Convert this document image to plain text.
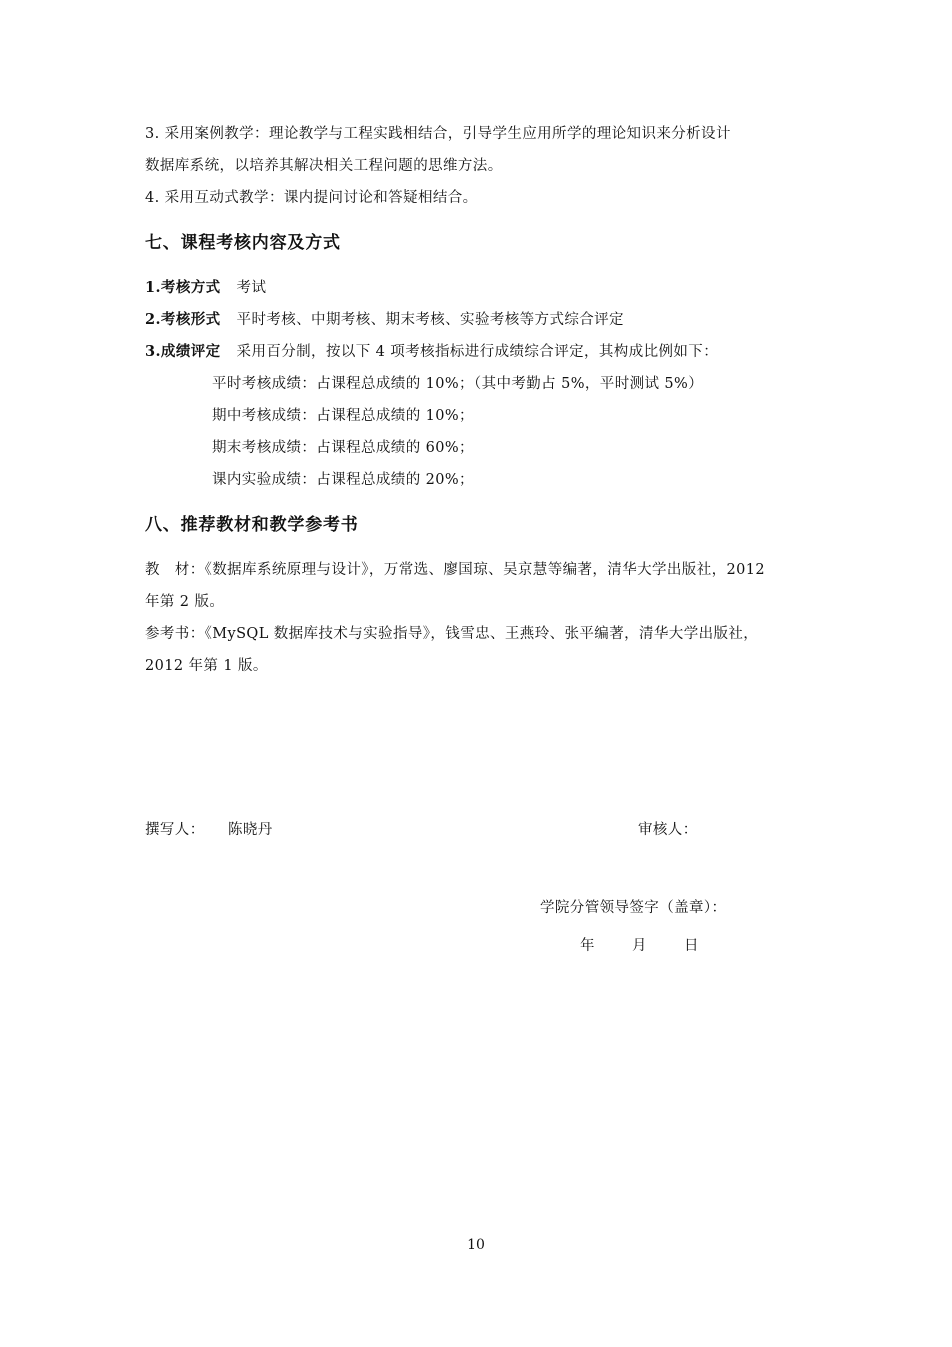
3. 采用案例教学：理论教学与工程实践相结合，引导学生应用所学的理论知识来分析设计
数据库系统，以培养其解决相关工程问题的思维方法。
4. 采用互动式教学：课内提问讨论和答疑相结合。
七、课程考核内容及方式
1.考核方式 考试
2.考核形式 平时考核、中期考核、期末考核、实验考核等方式综合评定
3.成绩评定 采用百分制，按以下 4 项考核指标进行成绩综合评定，其构成比例如下：
平时考核成绩：占课程总成绩的 10%；（其中考勤占 5%，平时测试 5%）
期中考核成绩：占课程总成绩的 10%；
期末考核成绩：占课程总成绩的 60%；
课内实验成绩：占课程总成绩的 20%；
八、推荐教材和教学参考书
教　材：《数据库系统原理与设计》，万常选、廖国琼、吴京慧等编著，清华大学出版社，2012
年第 2 版。
参考书：《MySQL 数据库技术与实验指导》，钱雪忠、王燕玲、张平编著，清华大学出版社，
2012 年第 1 版。
撰写人： 陈晓丹	审核人：
学院分管领导签字（盖章）：
年	月	日
10
